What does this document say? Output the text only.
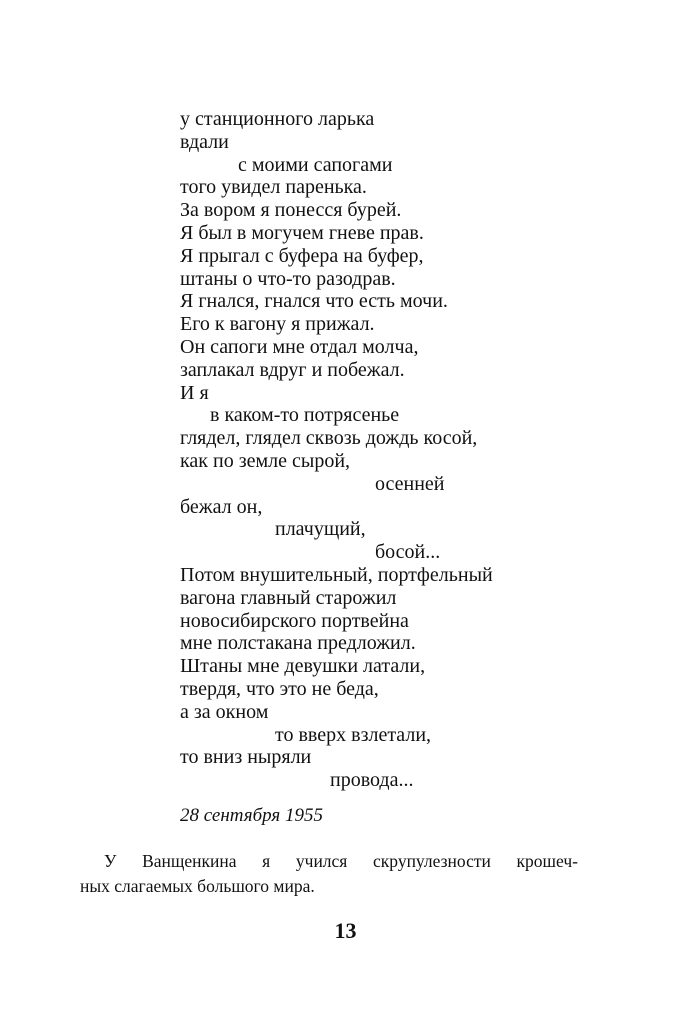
у станционного ларька
вдали
с моими сапогами
того увидел паренька.
За вором я понесся бурей.
Я был в могучем гневе прав.
Я прыгал с буфера на буфер,
штаны о что-то разодрав.
Я гнался, гнался что есть мочи.
Его к вагону я прижал.
Он сапоги мне отдал молча,
заплакал вдруг и побежал.
И я
в каком-то потрясенье
глядел, глядел сквозь дождь косой,
как по земле сырой,
осенней
бежал он,
плачущий,
босой...
Потом внушительный, портфельный
вагона главный старожил
новосибирского портвейна
мне полстакана предложил.
Штаны мне девушки латали,
твердя, что это не беда,
а за окном
то вверх взлетали,
то вниз ныряли
провода...
28 сентября 1955
У Ванщенкина я учился скрупулезности крошеч-
ных слагаемых большого мира.
13
